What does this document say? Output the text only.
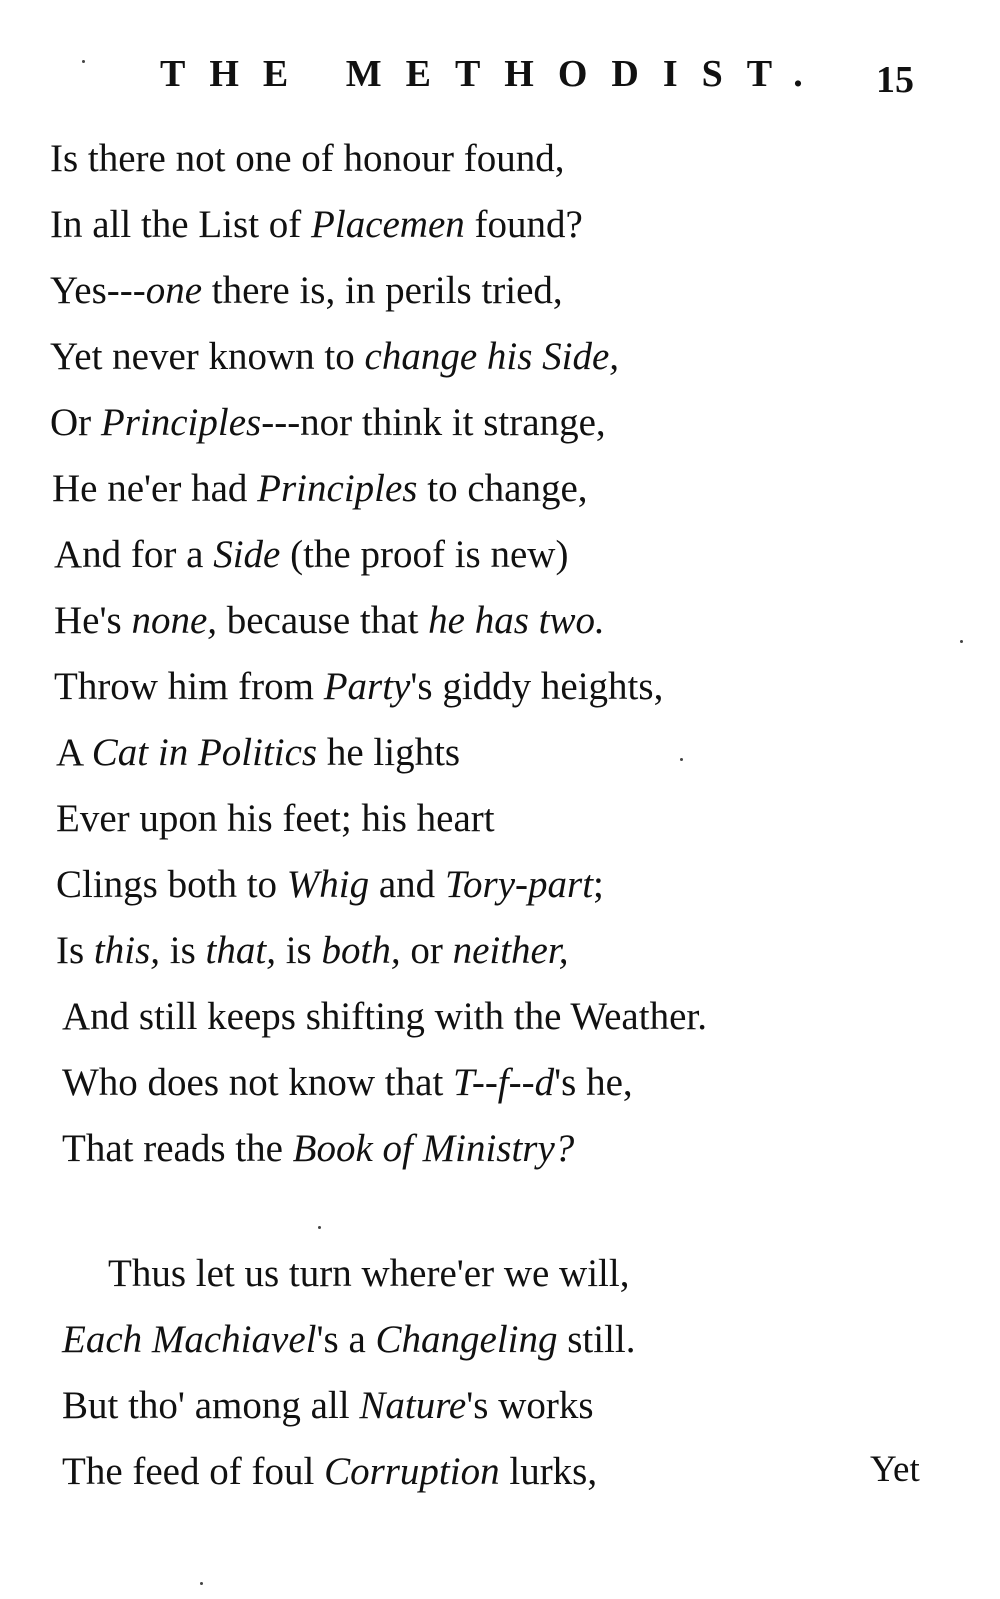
THE METHODIST. 15
Is there not one of honour found,
In all the List of Placemen found?
Yes---one there is, in perils tried,
Yet never known to change his Side,
Or Principles---nor think it strange,
He ne'er had Principles to change,
And for a Side (the proof is new)
He's none, because that he has two.
Throw him from Party's giddy heights,
A Cat in Politics he lights
Ever upon his feet; his heart
Clings both to Whig and Tory-part;
Is this, is that, is both, or neither,
And still keeps shifting with the Weather.
Who does not know that T--f--d's he,
That reads the Book of Ministry?
Thus let us turn where'er we will,
Each Machiavel's a Changeling still.
But tho' among all Nature's works
The feed of foul Corruption lurks,	Yet
